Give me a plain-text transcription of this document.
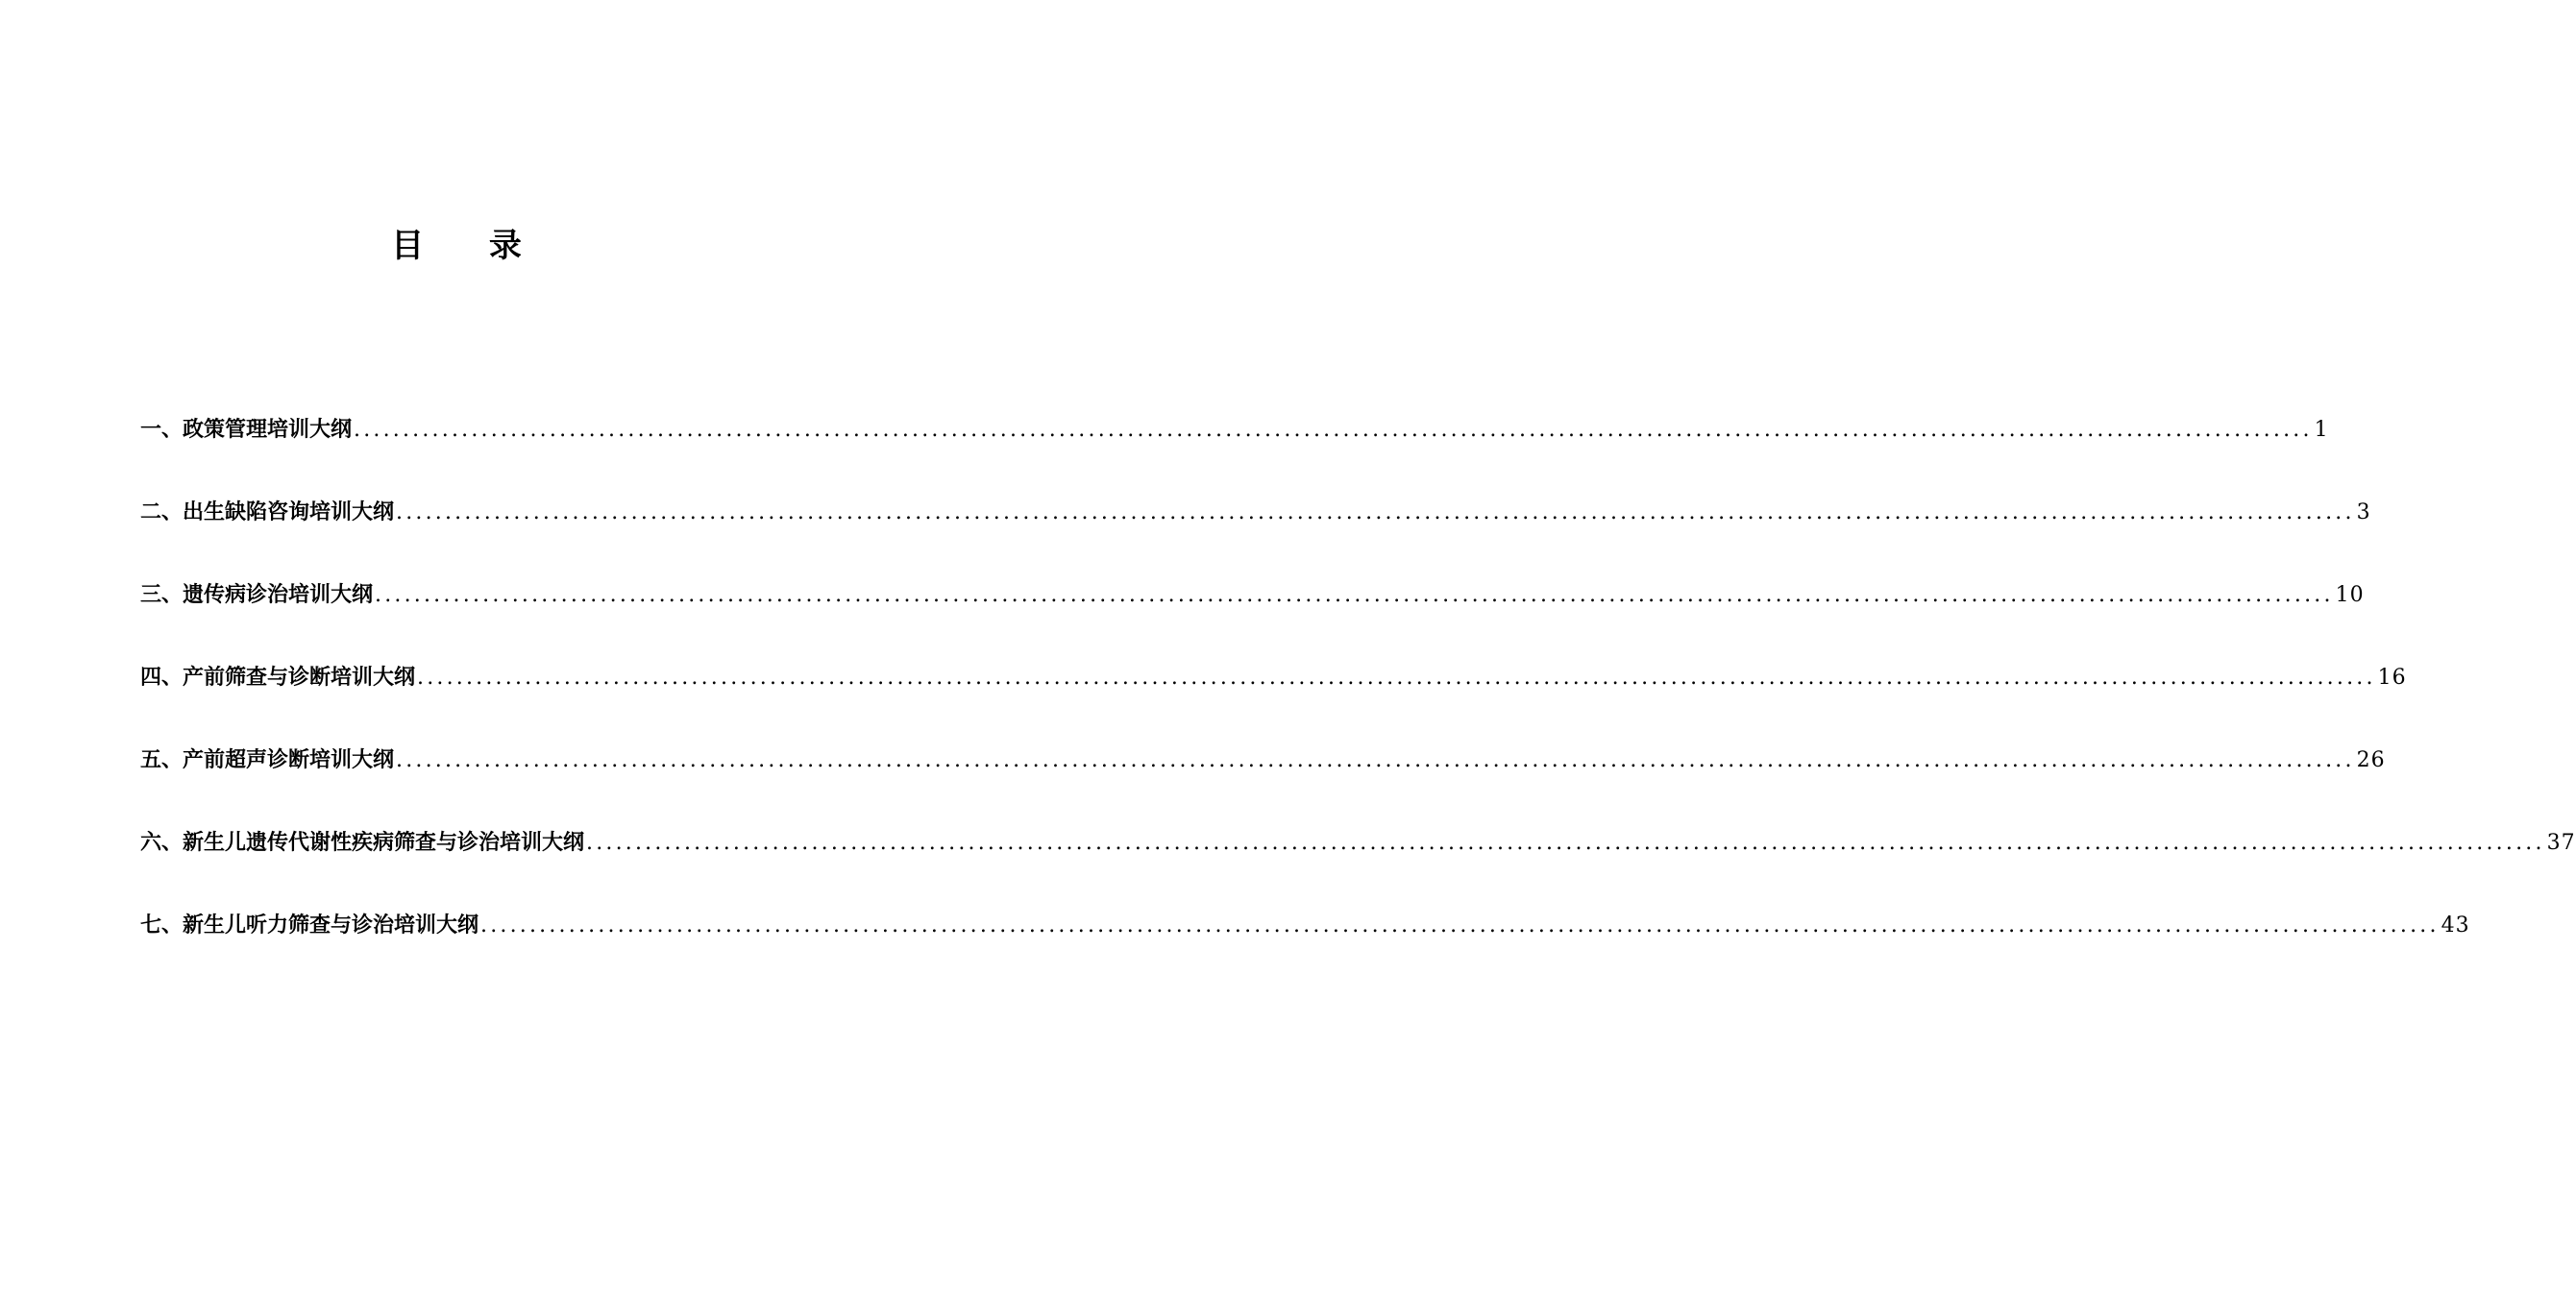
目 录
一、政策管理培训大纲 ........................................................................................................................................................................................................ 1
二、出生缺陷咨询培训大纲 ........................................................................................................................................................................................................ 3
三、遗传病诊治培训大纲 ........................................................................................................................................................................................................ 10
四、产前筛查与诊断培训大纲 ........................................................................................................................................................................................................ 16
五、产前超声诊断培训大纲 ........................................................................................................................................................................................................ 26
六、新生儿遗传代谢性疾病筛查与诊治培训大纲 ........................................................................................................................................................................................................ 37
七、新生儿听力筛查与诊治培训大纲 ........................................................................................................................................................................................................ 43
